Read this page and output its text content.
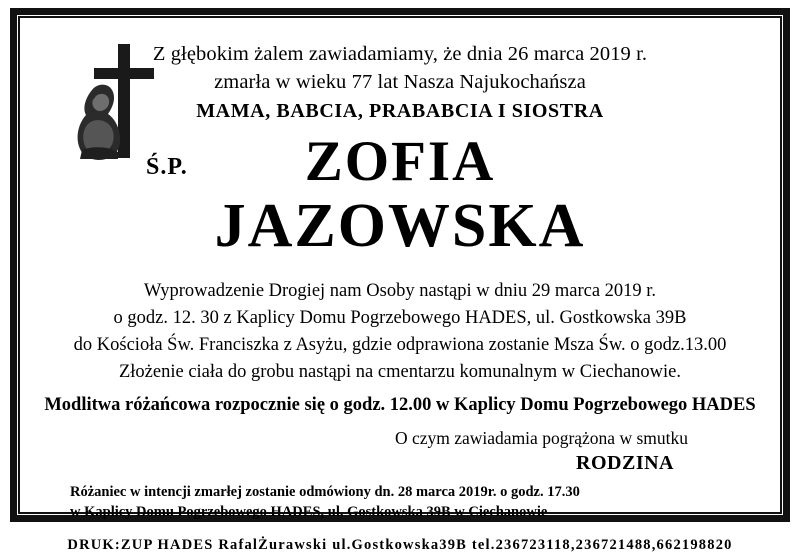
Ś.P.
Z głębokim żalem zawiadamiamy, że dnia 26 marca 2019 r.
zmarła w wieku 77 lat Nasza Najukochańsza
MAMA, BABCIA, PRABABCIA I SIOSTRA
ZOFIA
JAZOWSKA
Wyprowadzenie Drogiej nam Osoby nastąpi w dniu 29 marca 2019 r.
o godz. 12. 30 z Kaplicy Domu Pogrzebowego HADES, ul. Gostkowska 39B
do Kościoła Św. Franciszka z Asyżu, gdzie odprawiona zostanie Msza Św. o godz.13.00
Złożenie ciała do grobu nastąpi na cmentarzu komunalnym w Ciechanowie.
Modlitwa różańcowa rozpocznie się o godz. 12.00 w Kaplicy Domu Pogrzebowego HADES
O czym zawiadamia pogrążona w smutku
RODZINA
Różaniec w intencji zmarłej zostanie odmówiony dn. 28 marca 2019r. o godz. 17.30
w Kaplicy Domu Pogrzebowego HADES, ul. Gostkowska 39B w Ciechanowie
DRUK:ZUP HADES RafalŻurawski ul.Gostkowska39B tel.236723118,236721488,662198820
